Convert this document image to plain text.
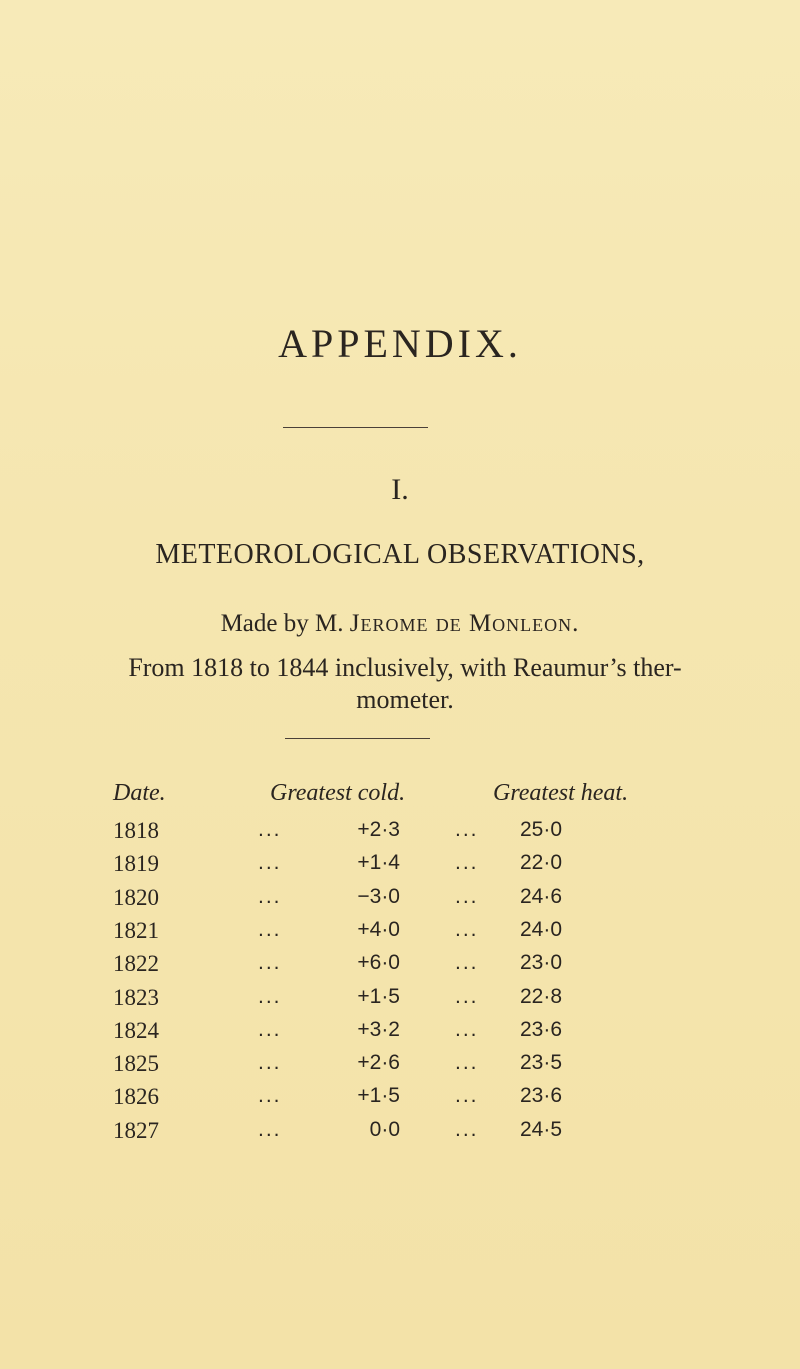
APPENDIX.
I.
METEOROLOGICAL OBSERVATIONS,
Made by M. Jerome de Monleon.
From 1818 to 1844 inclusively, with Reaumur’s ther-
mometer.
Date.	Greatest cold.	Greatest heat.
1818	...	+2·3	... 25·0
1819	...	+1·4	... 22·0
1820	...	−3·0	... 24·6
1821	...	+4·0	... 24·0
1822	...	+6·0	... 23·0
1823	...	+1·5	... 22·8
1824	...	+3·2	... 23·6
1825	...	+2·6	... 23·5
1826	...	+1·5	... 23·6
1827	...	0·0	... 24·5
